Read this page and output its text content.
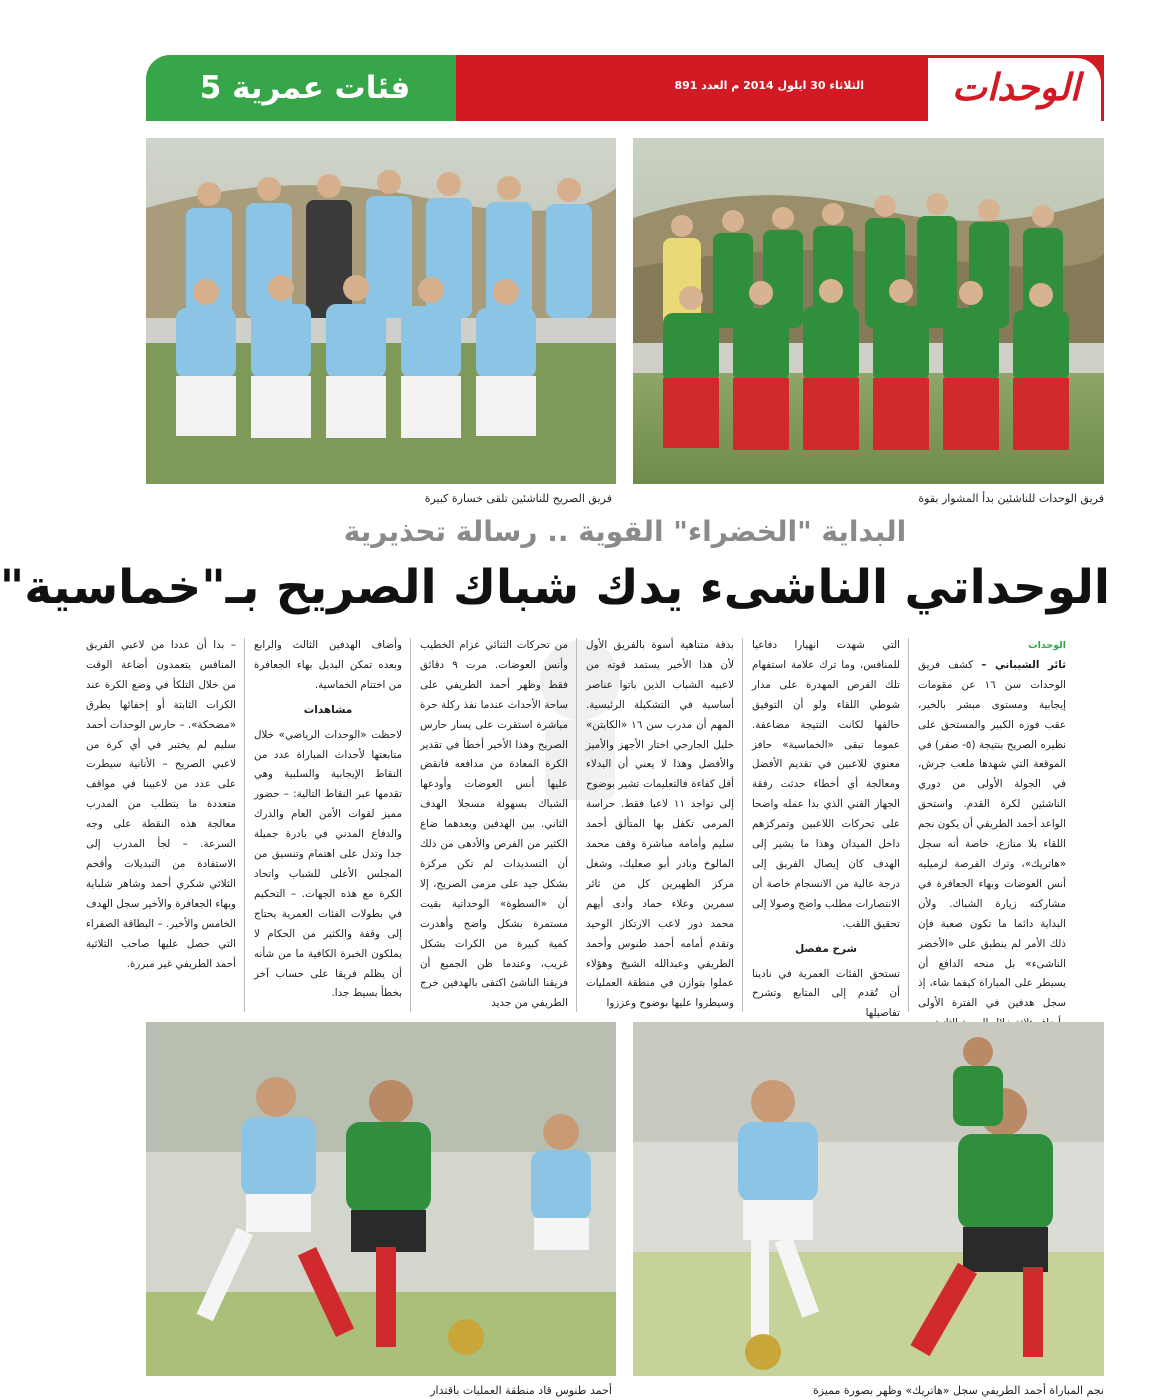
فئات عمرية 5	الوحدات
الثلاثاء 30 ايلول 2014 م العدد 891
فريق الوحدات للناشئين بدأ المشوار بقوة
فريق الصريح للناشئين تلقى خسارة كبيرة
البداية "الخضراء" القوية .. رسالة تحذيرية
الوحداتي الناشىء يدك شباك الصريح بـ"خماسية"

الوحدات

ثائر الشيباني – كشف فريق الوحدات سن ١٦ عن مقومات إيجابية ومستوى مبشر بالخير، عقب فوزه الكبير والمستحق على نظيره الصريح بنتيجة (٥- صفر) في الموقعة التي شهدها ملعب جرش، في الجولة الأولى من دوري الناشئين لكرة القدم. واستحق الواعد أحمد الطريفي أن يكون نجم اللقاء بلا منازع، خاصة أنه سجل «هاتريك»، وترك الفرصة لزميليه أنس العوضات وبهاء الجعافرة في مشاركته زيارة الشباك. ولأن البداية دائما ما تكون صعبة فإن ذلك الأمر لم ينطبق على «الأخضر الناشىء» بل منحه الدافع أن يسيطر على المباراة كيفما شاء، إذ سجل هدفين في الفترة الأولى

التي شهدت انهيارا دفاعيا للمنافس، وما ترك علامة استفهام تلك الفرص المهدرة على مدار شوطي اللقاء ولو أن التوفيق حالفها لكانت النتيجة مضاعفة. عموما تبقى «الخماسية» حافز معنوي للاعبين في تقديم الأفضل ومعالجة أي أخطاء حدثت رفقة الجهاز الفني الذي بدا عمله واضحا على تحركات اللاعبين وتمركزهم داخل الميدان وهذا ما يشير إلى الهدف كان إيصال الفريق إلى درجة عالية من الانسجام خاصة أن الانتصارات مطلب واضح وصولا إلى تحقيق اللقب.

شرح مفصل

تستحق الفئات العمرية في نادينا أن تُقدم إلى المتابع وتشرح تفاصيلها

بدقة متناهية أسوة بالفريق الأول لأن هذا الأخير يستمد قوته من لاعبيه الشباب الذين باتوا عناصر أساسية في التشكيلة الرئيسية. المهم أن مدرب سن ١٦ «الكابتن» خليل الجارحي اختار الأجهز والأميز والأفضل وهذا لا يعني أن البدلاء أقل كفاءة فالتعليمات تشير بوضوح إلى تواجد ١١ لاعبا فقط. حراسة المرمى تكفل بها المتألق أحمد سليم وأمامه مباشرة وقف محمد المالوخ ونادر أبو صعليك، وشغل مركز الظهيرين كل من ثائر سمرين وعلاء حماد وأدى أيهم محمد دور لاعب الارتكاز الوحيد وتقدم أمامه أحمد طنوس وأحمد الطريفي وعبدالله الشيخ وهؤلاء عملوا بتوازن في منطقة العمليات وسيطروا عليها بوضوح وعززوا

من تحركات الثنائي عزام الخطيب وأنس العوضات. مرت ٩ دقائق فقط وظهر أحمد الطريفي على ساحة الأحداث عندما نفذ ركلة حرة مباشرة استقرت على يسار حارس الصريح وهذا الأخير أخطأ في تقدير الكرة المعادة من مدافعه فانقض عليها أنس العوضات وأودعها الشباك بسهولة مسجلا الهدف الثاني. بين الهدفين وبعدهما ضاع الكثير من الفرص والأدهى من ذلك أن التسديدات لم تكن مركزة بشكل جيد على مرمى الصريح، إلا أن «السطوة» الوحداتية بقيت مستمرة بشكل واضح وأهدرت كمية كبيرة من الكرات بشكل غريب، وعندما ظن الجميع أن فريقنا الناشئ اكتفى بالهدفين خرج الطريفي من جديد

وأضاف الهدفين الثالث والرابع وبعده تمكن البديل بهاء الجعافرة من اختتام الخماسية.

مشاهدات

لاحظت «الوحدات الرياضي» خلال متابعتها لأحداث المباراة عدد من النقاط الإيجابية والسلبية وهي تقدمها عبر النقاط التالية: – حضور مميز لقوات الأمن العام والدرك والدفاع المدني في بادرة جميلة جدا وتدل على اهتمام وتنسيق من المجلس الأعلى للشباب واتحاد الكرة مع هذه الجهات. – التحكيم في بطولات الفئات العمرية يحتاج إلى وقفة والكثير من الحكام لا يملكون الخبرة الكافية ما من شأنه أن يظلم فريقا على حساب آخر بخطأ بسيط جدا.

– بدا أن عددا من لاعبي الفريق المنافس يتعمدون أضاعة الوقت من خلال التلكأ في وضع الكرة عند الكرات الثابتة أو إخفائها بطرق «مضحكة». – حارس الوحدات أحمد سليم لم يختبر في أي كرة من لاعبي الصريح – الأنانية سيطرت على عدد من لاعبينا في مواقف متعددة ما يتطلب من المدرب معالجة هذه النقطة على وجه السرعة. – لجأ المدرب إلى الاستفادة من التبديلات وأقحم الثلاثي شكري أحمد وشاهر شلباية وبهاء الجعافرة والأخير سجل الهدف الخامس والأخير. – البطاقة الصفراء التي حصل عليها صاحب الثلاثية أحمد الطريفي غير مبررة.

نجم المباراة أحمد الطريفي سجل «هاتريك» وظهر بصورة مميزة
أحمد طنوس قاد منطقة العمليات باقتدار
